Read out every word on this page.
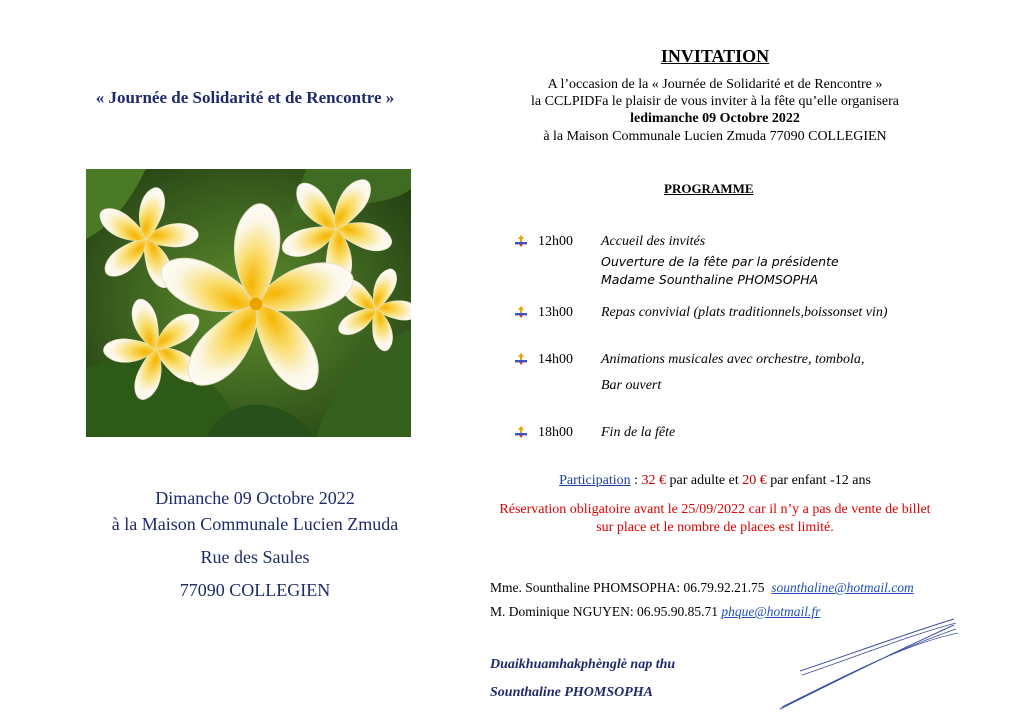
« Journée de Solidarité et de Rencontre »
Dimanche 09 Octobre 2022
à la Maison Communale Lucien Zmuda
Rue des Saules
77090 COLLEGIEN
INVITATION
A l’occasion de la « Journée de Solidarité et de Rencontre »
la CCLPIDFa le plaisir de vous inviter à la fête qu’elle organisera
ledimanche 09 Octobre 2022
à la Maison Communale Lucien Zmuda 77090 COLLEGIEN
PROGRAMME
12h00 Accueil des invités
Ouverture de la fête par la présidente
Madame Sounthaline PHOMSOPHA
13h00 Repas convivial (plats traditionnels,boissonset vin)
14h00 Animations musicales avec orchestre, tombola,
Bar ouvert
18h00 Fin de la fête
Participation : 32 € par adulte et 20 € par enfant -12 ans
Réservation obligatoire avant le 25/09/2022 car il n’y a pas de vente de billet
sur place et le nombre de places est limité.
Mme. Sounthaline PHOMSOPHA: 06.79.92.21.75 sounthaline@hotmail.com
M. Dominique NGUYEN: 06.95.90.85.71 phque@hotmail.fr
Duaikhuamhakphènglè nap thu
Sounthaline PHOMSOPHA
